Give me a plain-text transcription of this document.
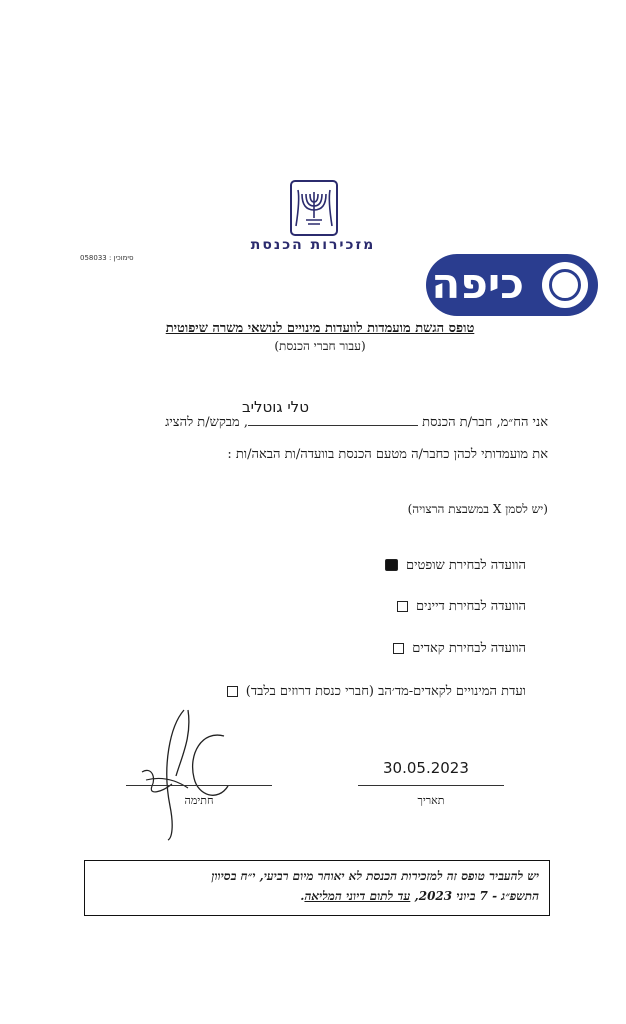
מזכירות הכנסת
סימוכין : 058033
כיפה
טופס הגשת מועמדות לוועדות מינויים לנושאי משרה שיפוטית
(עבור חברי הכנסת)
אני הח״מ, חבר/ת הכנסת , מבקש/ת להציג
טלי גוטליב
את מועמדותי לכהן כחבר/ה מטעם הכנסת בוועדה/ות הבאה/ות :
(יש לסמן X במשבצת הרצויה)
הוועדה לבחירת שופטים
הוועדה לבחירת דיינים
הוועדה לבחירת קאדים
ועדת המינויים לקאדים-מד׳הב (חברי כנסת דרוזים בלבד)
30.05.2023
תאריך
חתימה
יש להעביר טופס זה למזכירות הכנסת לא יאוחר מיום רביעי, י״ח בסיוון
התשפ״ג - 7 ביוני 2023, עד לתום דיוני המליאה.
